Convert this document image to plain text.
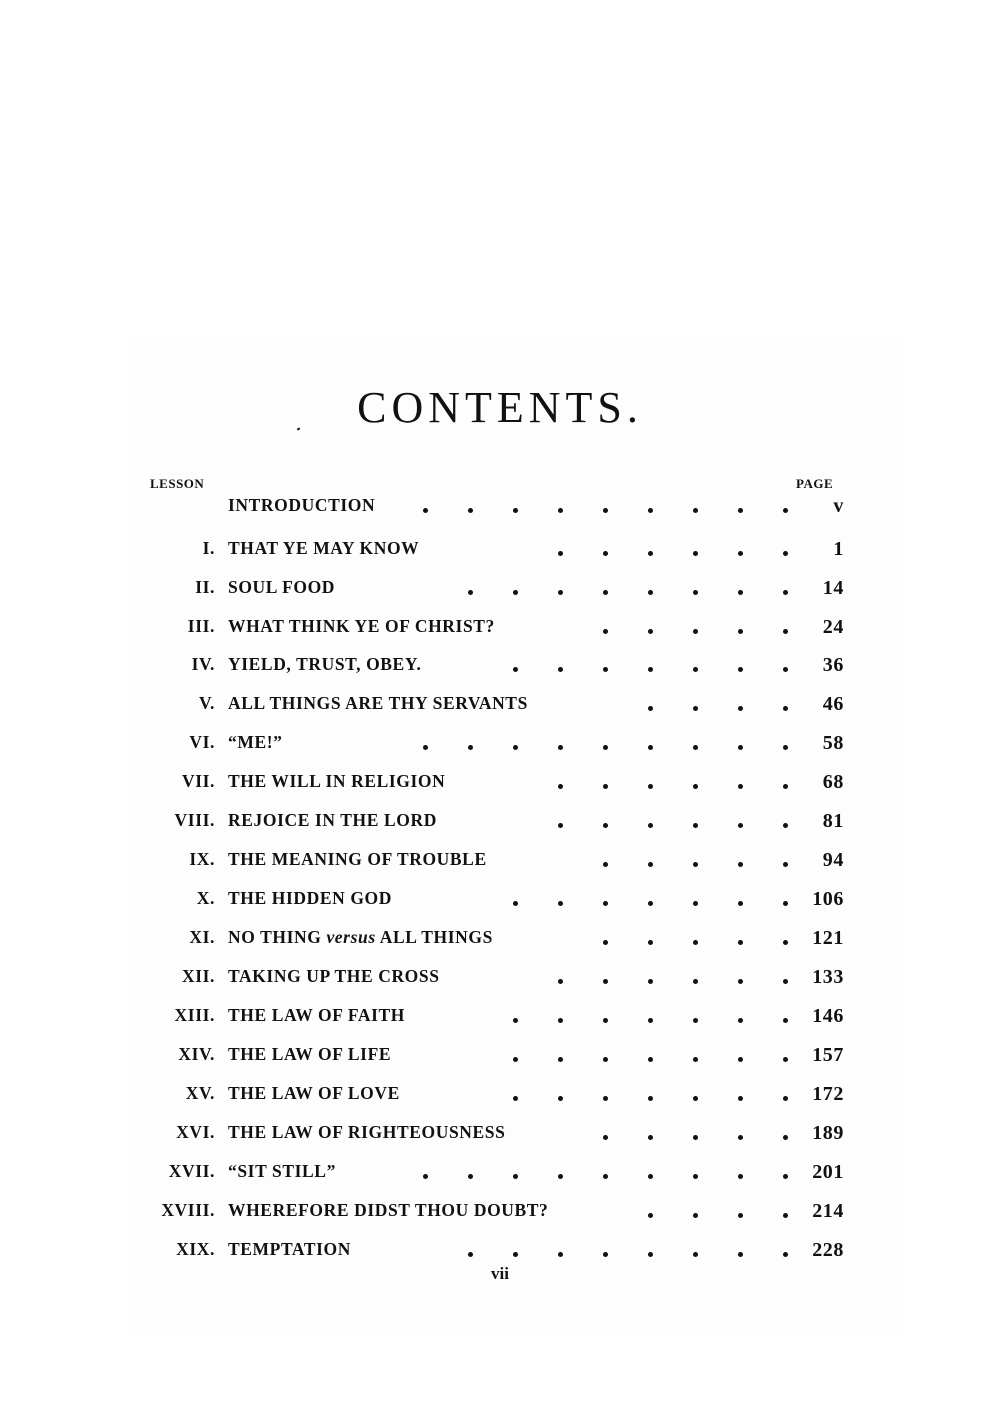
CONTENTS.
LESSON	PAGE
INTRODUCTION	v
I. THAT YE MAY KNOW	1
II. SOUL FOOD	14
III. WHAT THINK YE OF CHRIST?	24
IV. YIELD, TRUST, OBEY.	36
V. ALL THINGS ARE THY SERVANTS	46
VI. “ME!”	58
VII. THE WILL IN RELIGION	68
VIII. REJOICE IN THE LORD	81
IX. THE MEANING OF TROUBLE	94
X. THE HIDDEN GOD	106
XI. NO THING versus ALL THINGS	121
XII. TAKING UP THE CROSS	133
XIII. THE LAW OF FAITH	146
XIV. THE LAW OF LIFE	157
XV. THE LAW OF LOVE	172
XVI. THE LAW OF RIGHTEOUSNESS	189
XVII. “SIT STILL”	201
XVIII. WHEREFORE DIDST THOU DOUBT?	214
XIX. TEMPTATION	228
vii
